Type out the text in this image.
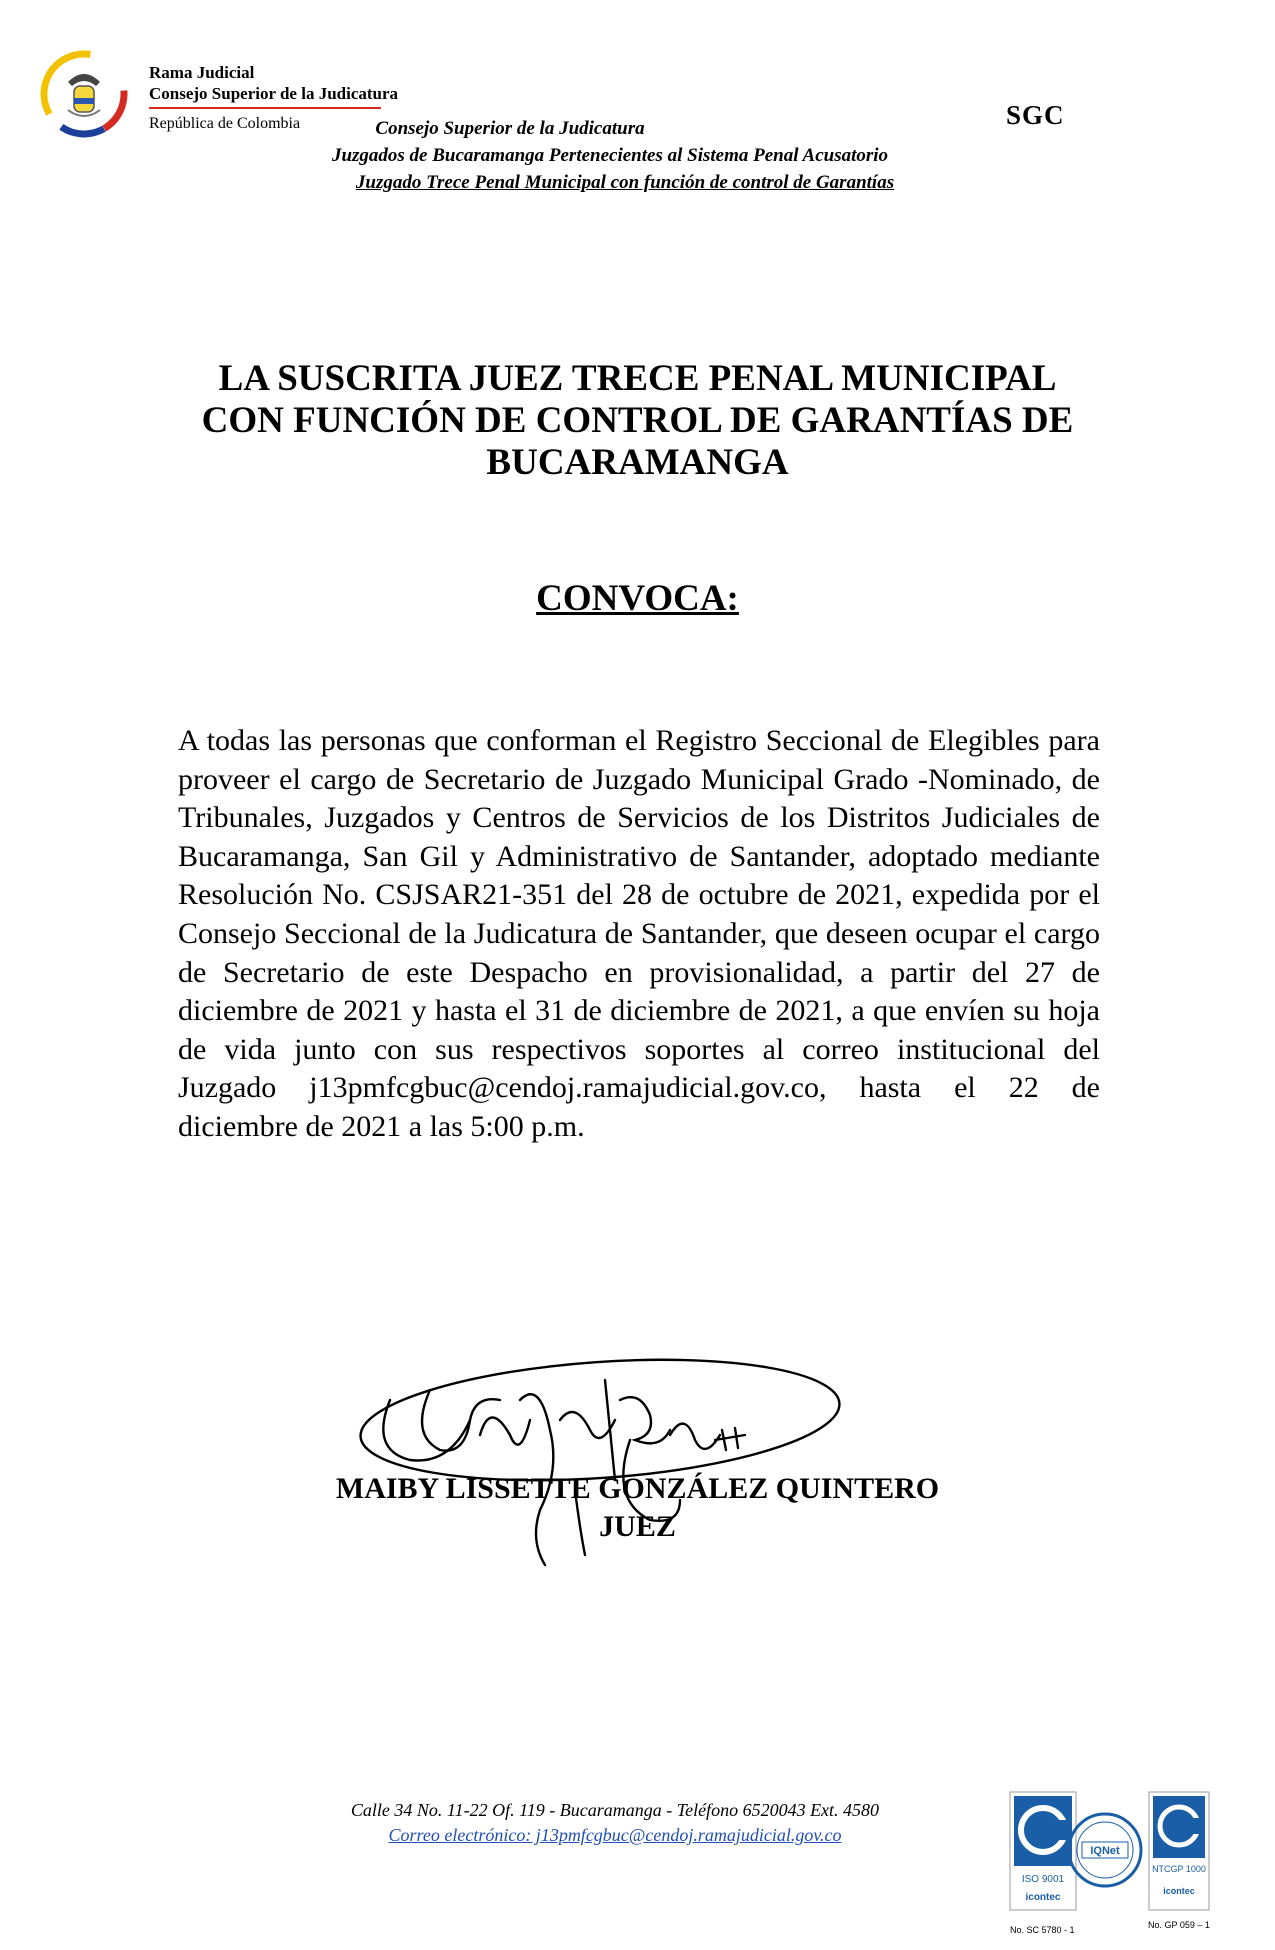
Rama Judicial
Consejo Superior de la Judicatura
República de Colombia	SGC
Consejo Superior de la Judicatura
Juzgados de Bucaramanga Pertenecientes al Sistema Penal Acusatorio
Juzgado Trece Penal Municipal con función de control de Garantías
LA SUSCRITA JUEZ TRECE PENAL MUNICIPAL
CON FUNCIÓN DE CONTROL DE GARANTÍAS DE
BUCARAMANGA
CONVOCA:
A todas las personas que conforman el Registro Seccional de Elegibles para proveer el cargo de Secretario de Juzgado Municipal Grado -Nominado, de Tribunales, Juzgados y Centros de Servicios de los Distritos Judiciales de Bucaramanga, San Gil y Administrativo de Santander, adoptado mediante Resolución No. CSJSAR21-351 del 28 de octubre de 2021, expedida por el Consejo Seccional de la Judicatura de Santander, que deseen ocupar el cargo de Secretario de este Despacho en provisionalidad, a partir del 27 de diciembre de 2021 y hasta el 31 de diciembre de 2021, a que envíen su hoja de vida junto con sus respectivos soportes al correo institucional del Juzgado j13pmfcgbuc@cendoj.ramajudicial.gov.co, hasta el 22 de diciembre de 2021 a las 5:00 p.m.
MAIBY LISSETTE GONZÁLEZ QUINTERO
JUEZ
Calle 34 No. 11-22 Of. 119 - Bucaramanga - Teléfono 6520043 Ext. 4580
Correo electrónico: j13pmfcgbuc@cendoj.ramajudicial.gov.co
ISO 9001
icontec
IQNet
NTCGP 1000
icontec
No. SC 5780 - 1	No. GP 059 – 1
